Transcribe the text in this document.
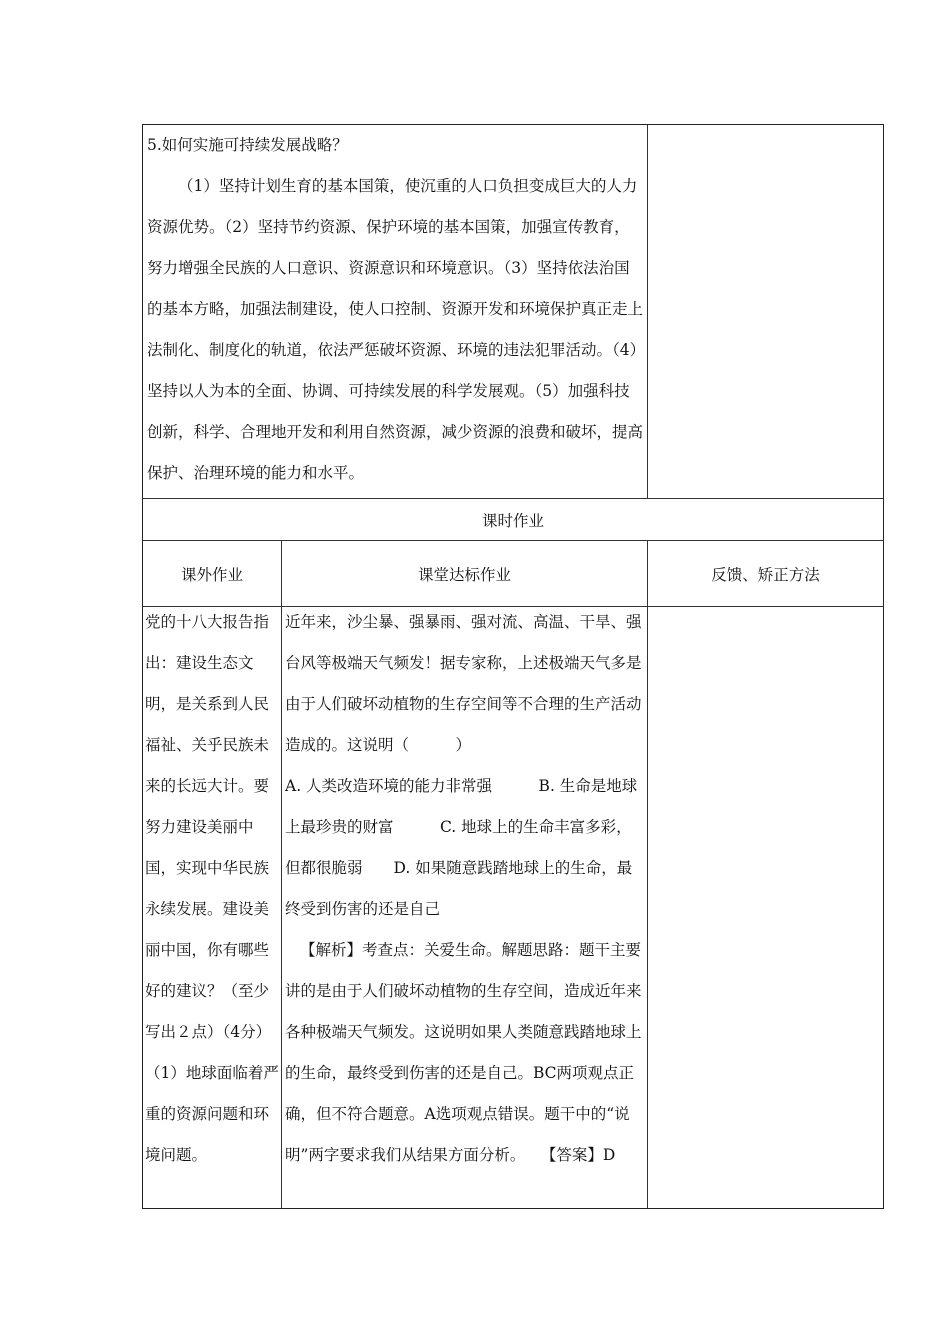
5.如何实施可持续发展战略？

（1）坚持计划生育的基本国策，使沉重的人口负担变成巨大的人力资源优势。（2）坚持节约资源、保护环境的基本国策，加强宣传教育，努力增强全民族的人口意识、资源意识和环境意识。（3）坚持依法治国的基本方略，加强法制建设，使人口控制、资源开发和环境保护真正走上法制化、制度化的轨道，依法严惩破坏资源、环境的违法犯罪活动。（4）坚持以人为本的全面、协调、可持续发展的科学发展观。（5）加强科技创新，科学、合理地开发和利用自然资源，减少资源的浪费和破坏，提高保护、治理环境的能力和水平。

课时作业
课外作业	课堂达标作业	反馈、矫正方法

党的十八大报告指出：建设生态文明，是关系到人民福祉、关乎民族未来的长远大计。要努力建设美丽中国，实现中华民族永续发展。建设美丽中国，你有哪些好的建议？（至少写出２点）（4分）

（1）地球面临着严重的资源问题和环境问题。

近年来，沙尘暴、强暴雨、强对流、高温、干旱、强台风等极端天气频发！据专家称，上述极端天气多是由于人们破坏动植物的生存空间等不合理的生产活动造成的。这说明（　　　）

A. 人类改造环境的能力非常强　　　B. 生命是地球上最珍贵的财富　　　C. 地球上的生命丰富多彩，但都很脆弱　　D. 如果随意践踏地球上的生命，最终受到伤害的还是自己

【解析】考查点：关爱生命。解题思路：题干主要讲的是由于人们破坏动植物的生存空间，造成近年来各种极端天气频发。这说明如果人类随意践踏地球上的生命，最终受到伤害的还是自己。BC两项观点正确，但不符合题意。A选项观点错误。题干中的“说明”两字要求我们从结果方面分析。　　【答案】D
